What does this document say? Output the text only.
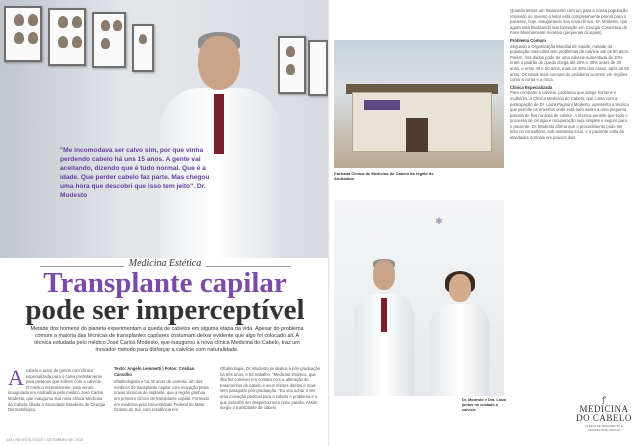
"Me incomodava ser calvo sim, por que vinha perdendo cabelo há uns 15 anos. A gente vai aceitando, dizendo que é tudo normal. Que é a idade. Que perder cabelo faz parte. Mas chegou uma hora que descobri que isso tem jeito". Dr. Modesto
Medicina Estética
Transplante capilar
pode ser imperceptível
Metade dos homens do planeta experimentam a queda de cabelos em alguma etapa da vida. Apesar do problema comum a maioria das técnicas de transplantes capilares costumam deixar evidente que algo foi colocado ali. A técnica estudada pelo médico José Carlos Modesto, que inaugurou a nova clínica Medicina do Cabelo, traz um inovador método para disfarçar a calvície com naturalidade.
A cabelo e autor de grelos com clínica especializada para o calvo prefeitamente para pessoas que sofrem com a calvície. O médico recentemente, está sendo inaugurada em Andradina pelo médico José Carlos Modesto, que inaugurou sua nova clínica Medicina do Cabelo, filiada à Sociedade Brasileira de Cirurgia Dermatológica.
Texto: Angelo Lemmetti | Fotos: Cristian Carvalho
oftalmologista e há 30 anos de carreira, um dos médicos do transplante capilar com inovação pelas novas técnicas de implante, que a região ganhou um primeiro clínico de transplante capilar. Formado em medicina pela Universidade Federal do Mato Grosso do Sul, com residência em
Oftalmologia. Dr. Modesto se dedica a pós-graduação há três anos, e há trabalho. "Medicina Estética, que ilha fez conviver em contato com a alteração de tratamentos de cabelo e seus efeitos diretos e mais sem paragrafo pós-graduação. "Eu vou achar o ser uma inovação pessoal para o cabelo e problema e o que descobri ser despertou meu novo paixão. Assim surgiu o transplante de cabelo
104 | REVISTA VOCÊ | SETEMBRO DE 2013
Quando temos um tratamento com um para a nossa população resolvido ou mesmo o leitor está completamente pronto para o paciente, hoje. Inaugurando sua nova clínica, Dr. Modesto, que agora está finalizando sua formação em Cirurgia Cosmética de Face Minimamente Invasiva (pequenas cirurgias).
Problema Comum
Segundo a Organização Mundial de Saúde, metade da população masculina tem problemas de calvície até os 50 anos. Porém, nos dados pode ter uma calvície aumentada de 10% entre o padrão de queda chega até 20% e 30% antes de 30 anos, e entre 40 e 50 anos, mais os 40% dos casos, após os 60 anos. Os sinais mais comuns do problema ocorrem em regiões como a coroa e a nuca.
Clínica Especializada
Para combater a calvície, problema que atinge homens e mulheres, a Clínica Medicina do Cabelo, que conta com a participação de Dr. Laiza Pagnoni Modesto, apresenta a técnica que permite os enxertos onde está tudo assim a uma pequena parcela de fios na área de calvice. A técnica permite que todo o processo de cirurgia e recuperação seja simples e seguro para o paciente. Dr. Modesto afirma que o procedimento pode ser feito no consultório, sob anestesia local, e o paciente volta às atividades normais em poucos dias.
Fachada Clínica de Medicina do Cabelo da região de Andradina
✱
Dr. Modesto e Dra. Laiza juntos no cuidado a calvície
ꝭ
MEDICINA
DO CABELO
CLÍNICA DE TRATAMENTO E TRANSPLANTE CAPILAR
